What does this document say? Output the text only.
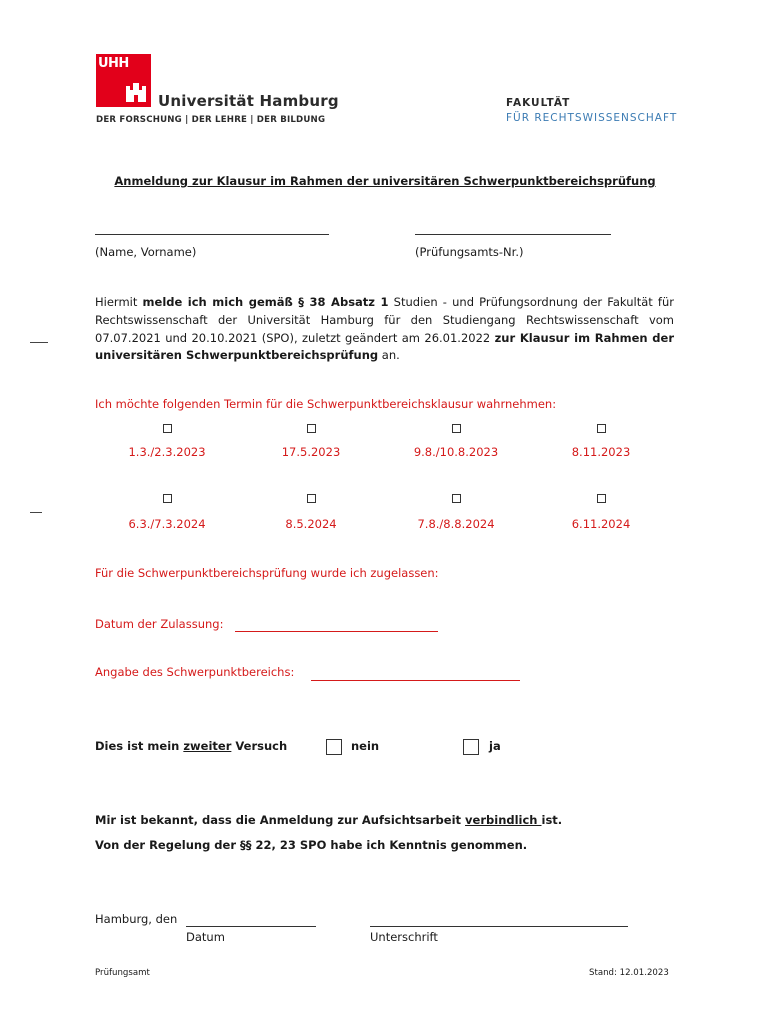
UHH
Universität Hamburg
DER FORSCHUNG | DER LEHRE | DER BILDUNG
FAKULTÄT
FÜR RECHTSWISSENSCHAFT
Anmeldung zur Klausur im Rahmen der universitären Schwerpunktbereichsprüfung
(Name, Vorname)	(Prüfungsamts-Nr.)
Hiermit melde ich mich gemäß § 38 Absatz 1 Studien - und Prüfungsordnung der Fakultät für Rechtswissenschaft der Universität Hamburg für den Studiengang Rechtswissenschaft vom 07.07.2021 und 20.10.2021 (SPO), zuletzt geändert am 26.01.2022 zur Klausur im Rahmen der universitären Schwerpunktbereichsprüfung an.
Ich möchte folgenden Termin für die Schwerpunktbereichsklausur wahrnehmen:
1.3./2.3.2023	17.5.2023	9.8./10.8.2023	8.11.2023
6.3./7.3.2024	8.5.2024	7.8./8.8.2024	6.11.2024
Für die Schwerpunktbereichsprüfung wurde ich zugelassen:
Datum der Zulassung:
Angabe des Schwerpunktbereichs:
Dies ist mein zweiter Versuch	nein	ja
Mir ist bekannt, dass die Anmeldung zur Aufsichtsarbeit verbindlich ist.
Von der Regelung der §§ 22, 23 SPO habe ich Kenntnis genommen.
Hamburg, den
Datum	Unterschrift
Prüfungsamt	Stand: 12.01.2023
